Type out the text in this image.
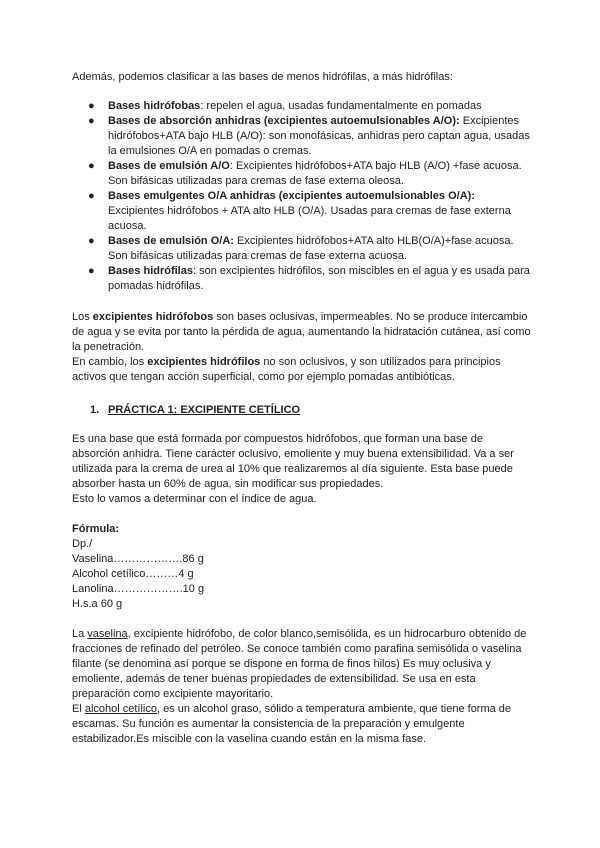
Además, podemos clasificar a las bases de menos hidrófilas, a más hidrófilas:

● Bases hidrófobas: repelen el agua, usadas fundamentalmente en pomadas

● Bases de absorción anhidras (excipientes autoemulsionables A/O): Excipientes hidrófobos+ATA bajo HLB (A/O): son monofásicas, anhidras pero captan agua, usadas la emulsiones O/A en pomadas o cremas.

● Bases de emulsión A/O: Excipientes hidrófobos+ATA bajo HLB (A/O) +fase acuosa. Son bifásicas utilizadas para cremas de fase externa oleosa.

● Bases emulgentes O/A anhidras (excipientes autoemulsionables O/A): Excipientes hidrófobos + ATA alto HLB (O/A). Usadas para cremas de fase externa acuosa.

● Bases de emulsión O/A: Excipientes hidrófobos+ATA alto HLB(O/A)+fase acuosa. Son bifásicas utilizadas para cremas de fase externa acuosa.

● Bases hidrófilas: son excipientes hidrófilos, son miscibles en el agua y es usada para pomadas hidrófilas.

Los excipientes hidrófobos son bases oclusivas, impermeables. No se produce intercambio de agua y se evita por tanto la pérdida de agua, aumentando la hidratación cutánea, así como la penetración.

En cambio, los excipientes hidrófilos no son oclusivos, y son utilizados para principios activos que tengan acción superficial, como por ejemplo pomadas antibióticas.

1. PRÁCTICA 1: EXCIPIENTE CETÍLICO

Es una base que está formada por compuestos hidrófobos, que forman una base de absorción anhidra. Tiene carácter oclusivo, emoliente y muy buena extensibilidad. Va a ser utilizada para la crema de urea al 10% que realizaremos al día siguiente. Esta base puede absorber hasta un 60% de agua, sin modificar sus propiedades.

Esto lo vamos a determinar con el índice de agua.

Fórmula:

Dp./

Vaselina……………….86 g

Alcohol cetílico………4 g

Lanolina……………….10 g

H.s.a 60 g

La vaselina, excipiente hidrófobo, de color blanco,semisólida, es un hidrocarburo obtenido de fracciones de refinado del petróleo. Se conoce también como parafina semisólida o vaselina filante (se denomina así porque se dispone en forma de finos hilos) Es muy oclusiva y emoliente, además de tener buenas propiedades de extensibilidad. Se usa en esta preparación como excipiente mayoritario.

El alcohol cetílico, es un alcohol graso, sólido a temperatura ambiente, que tiene forma de escamas. Su función es aumentar la consistencia de la preparación y emulgente estabilizador.Es miscible con la vaselina cuando están en la misma fase.
